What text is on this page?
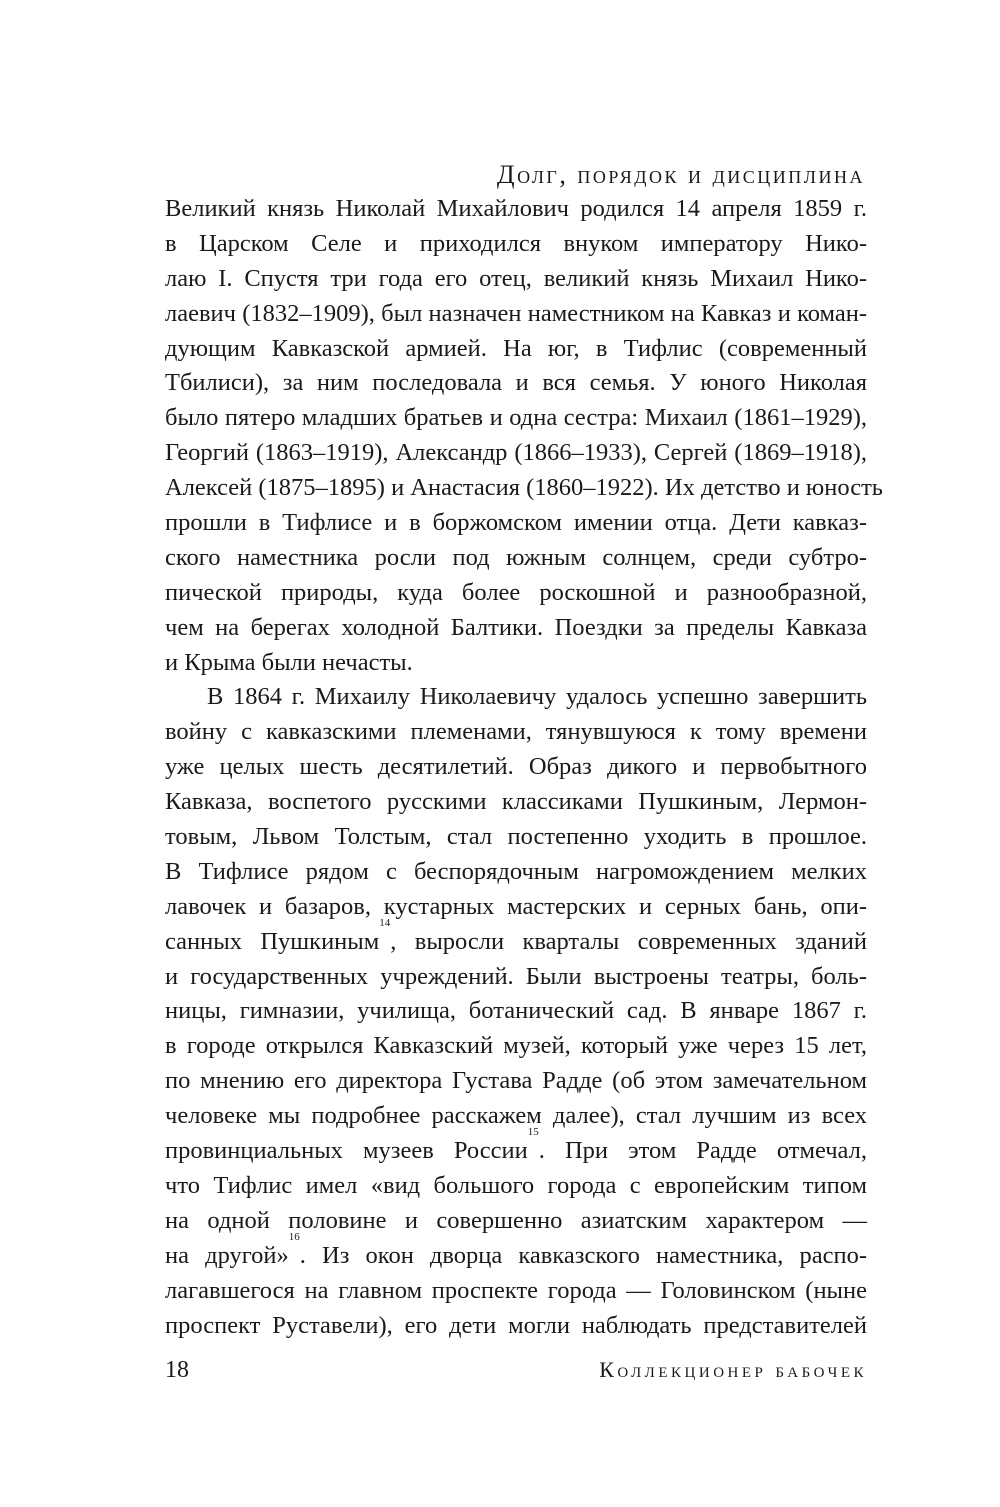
Долг, порядок и дисциплина
Великий князь Николай Михайлович родился 14 апреля 1859 г.
в Царском Селе и приходился внуком императору Нико-
лаю I. Спустя три года его отец, великий князь Михаил Нико-
лаевич (1832–1909), был назначен наместником на Кавказ и коман-
дующим Кавказской армией. На юг, в Тифлис (современный
Тбилиси), за ним последовала и вся семья. У юного Николая
было пятеро младших братьев и одна сестра: Михаил (1861–1929),
Георгий (1863–1919), Александр (1866–1933), Сергей (1869–1918),
Алексей (1875–1895) и Анастасия (1860–1922). Их детство и юность
прошли в Тифлисе и в боржомском имении отца. Дети кавказ-
ского наместника росли под южным солнцем, среди субтро-
пической природы, куда более роскошной и разнообразной,
чем на берегах холодной Балтики. Поездки за пределы Кавказа
и Крыма были нечасты.
В 1864 г. Михаилу Николаевичу удалось успешно завершить
войну с кавказскими племенами, тянувшуюся к тому времени
уже целых шесть десятилетий. Образ дикого и первобытного
Кавказа, воспетого русскими классиками Пушкиным, Лермон-
товым, Львом Толстым, стал постепенно уходить в прошлое.
В Тифлисе рядом с беспорядочным нагромождением мелких
лавочек и базаров, кустарных мастерских и серных бань, опи-
санных Пушкиным$^{14}$, выросли кварталы современных зданий
и государственных учреждений. Были выстроены театры, боль-
ницы, гимназии, училища, ботанический сад. В январе 1867 г.
в городе открылся Кавказский музей, который уже через 15 лет,
по мнению его директора Густава Радде (об этом замечательном
человеке мы подробнее расскажем далее), стал лучшим из всех
провинциальных музеев России$^{15}$. При этом Радде отмечал,
что Тифлис имел «вид большого города с европейским типом
на одной половине и совершенно азиатским характером —
на другой»$^{16}$. Из окон дворца кавказского наместника, распо-
лагавшегося на главном проспекте города — Головинском (ныне
проспект Руставели), его дети могли наблюдать представителей
18	Коллекционер бабочек
